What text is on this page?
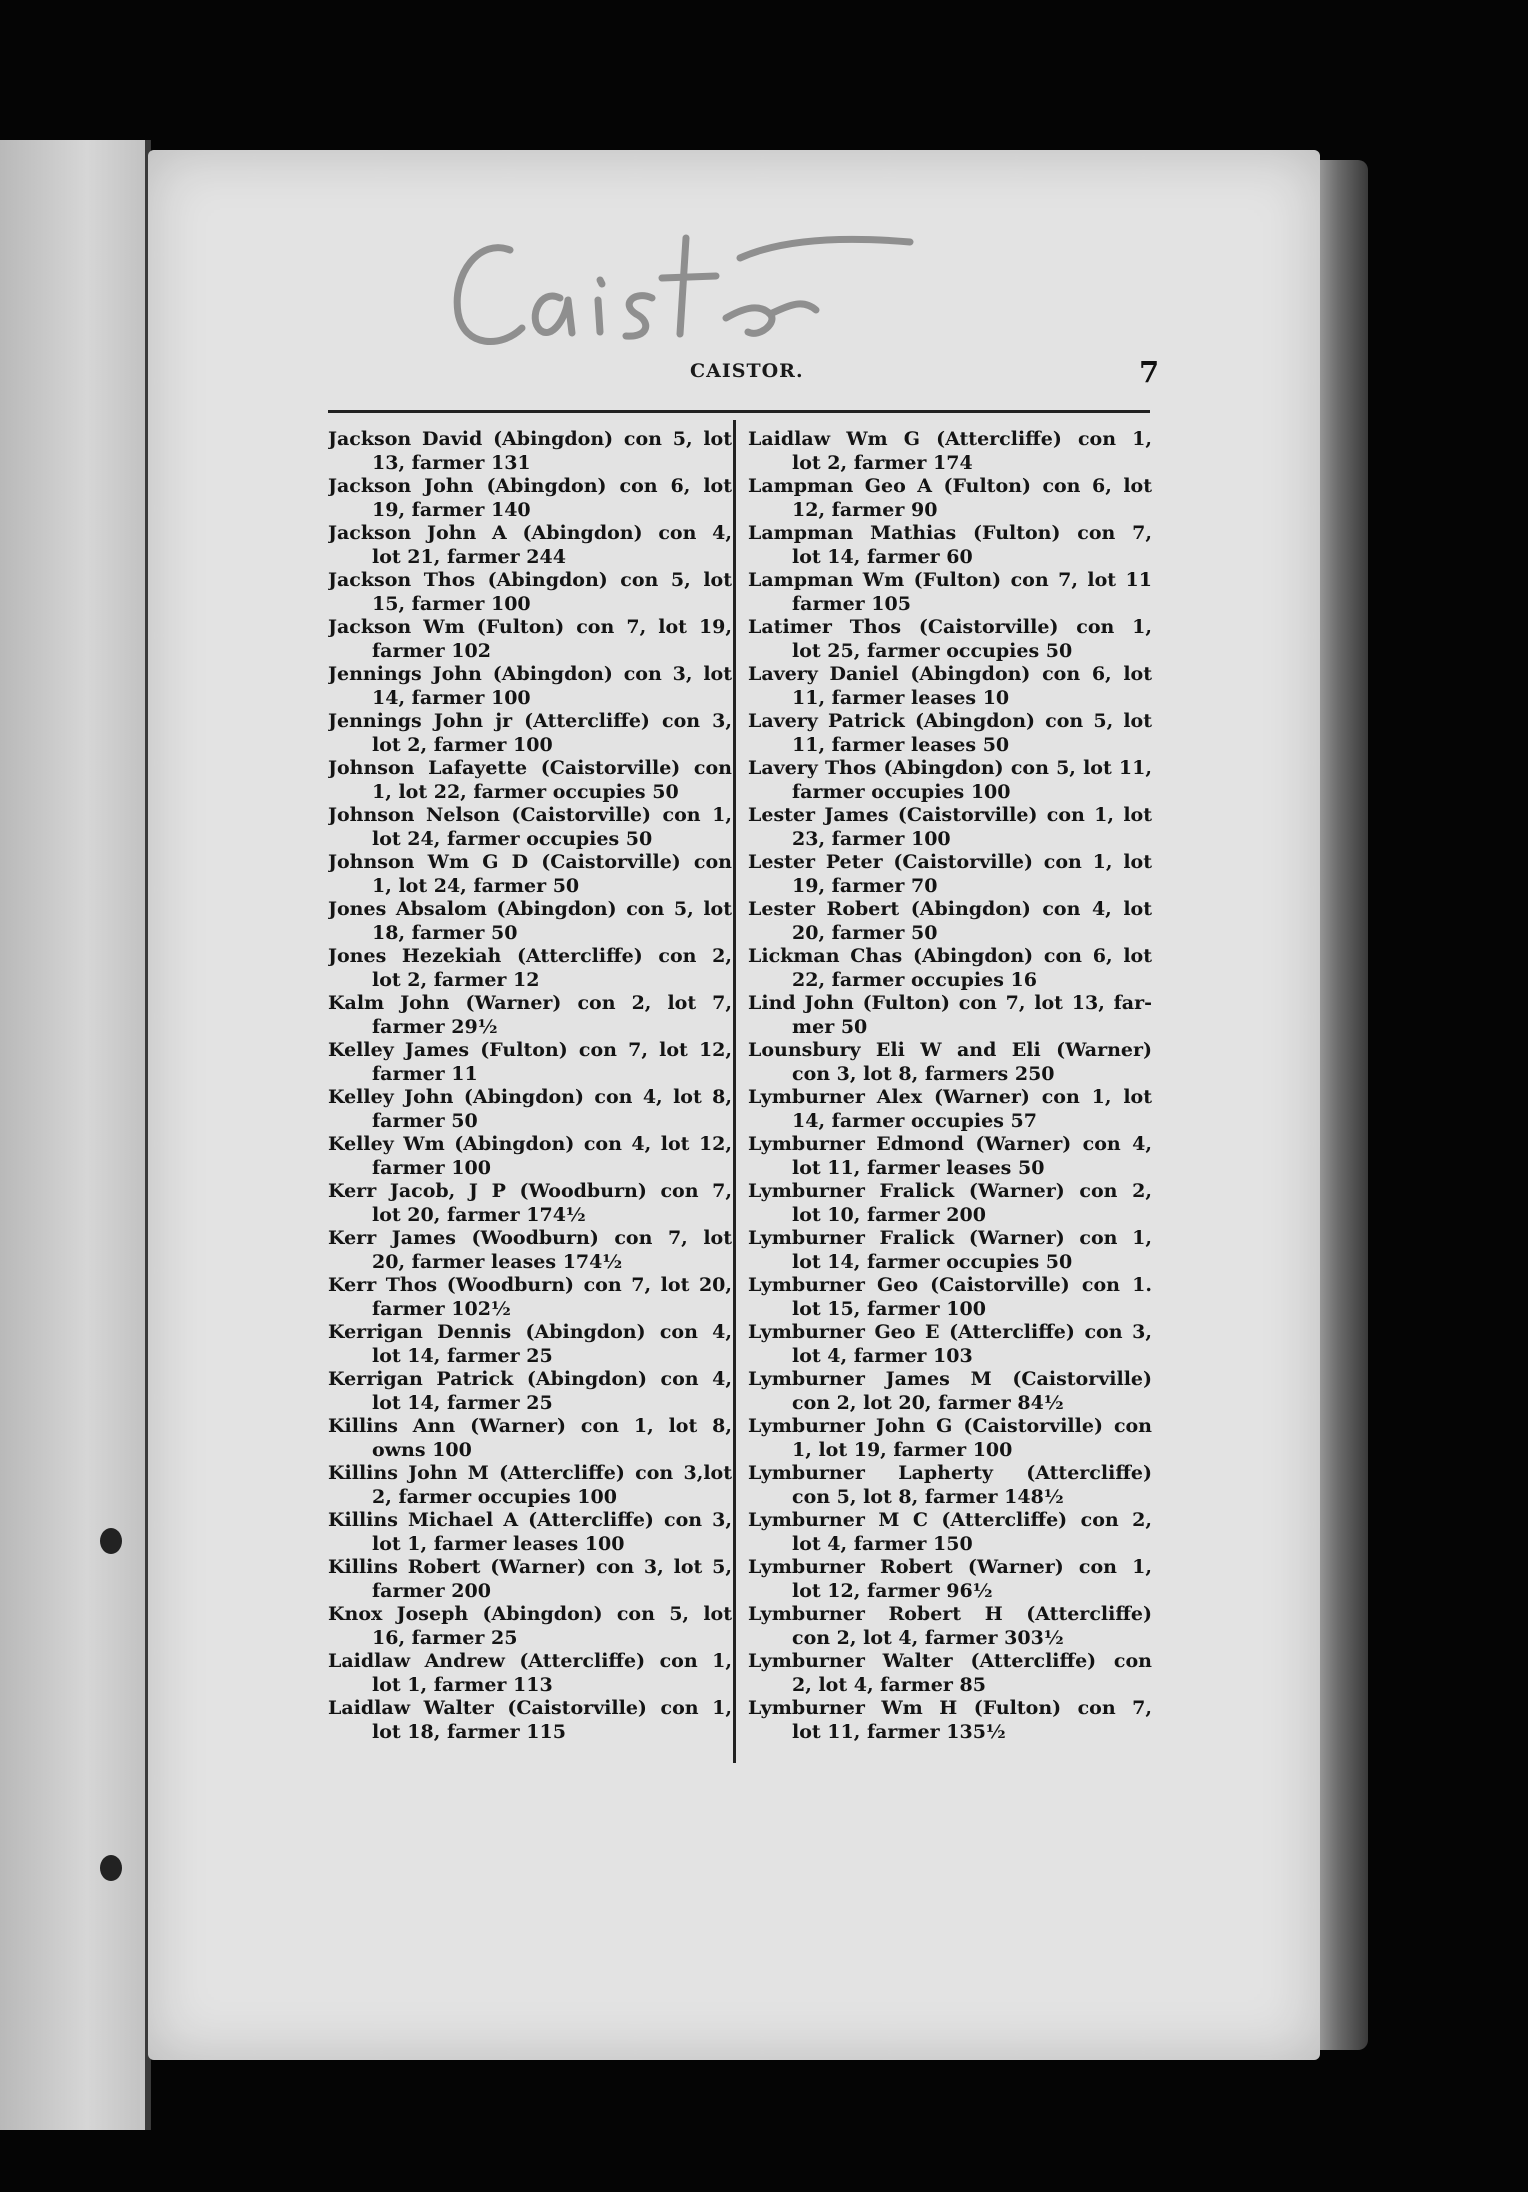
CAISTOR.	7
Jackson David (Abingdon) con 5, lot
13, farmer 131
Jackson John (Abingdon) con 6, lot
19, farmer 140
Jackson John A (Abingdon) con 4,
lot 21, farmer 244
Jackson Thos (Abingdon) con 5, lot
15, farmer 100
Jackson Wm (Fulton) con 7, lot 19,
farmer 102
Jennings John (Abingdon) con 3, lot
14, farmer 100
Jennings John jr (Attercliffe) con 3,
lot 2, farmer 100
Johnson Lafayette (Caistorville) con
1, lot 22, farmer occupies 50
Johnson Nelson (Caistorville) con 1,
lot 24, farmer occupies 50
Johnson Wm G D (Caistorville) con
1, lot 24, farmer 50
Jones Absalom (Abingdon) con 5, lot
18, farmer 50
Jones Hezekiah (Attercliffe) con 2,
lot 2, farmer 12
Kalm John (Warner) con 2, lot 7,
farmer 29½
Kelley James (Fulton) con 7, lot 12,
farmer 11
Kelley John (Abingdon) con 4, lot 8,
farmer 50
Kelley Wm (Abingdon) con 4, lot 12,
farmer 100
Kerr Jacob, J P (Woodburn) con 7,
lot 20, farmer 174½
Kerr James (Woodburn) con 7, lot
20, farmer leases 174½
Kerr Thos (Woodburn) con 7, lot 20,
farmer 102½
Kerrigan Dennis (Abingdon) con 4,
lot 14, farmer 25
Kerrigan Patrick (Abingdon) con 4,
lot 14, farmer 25
Killins Ann (Warner) con 1, lot 8,
owns 100
Killins John M (Attercliffe) con 3,lot
2, farmer occupies 100
Killins Michael A (Attercliffe) con 3,
lot 1, farmer leases 100
Killins Robert (Warner) con 3, lot 5,
farmer 200
Knox Joseph (Abingdon) con 5, lot
16, farmer 25
Laidlaw Andrew (Attercliffe) con 1,
lot 1, farmer 113
Laidlaw Walter (Caistorville) con 1,
lot 18, farmer 115
Laidlaw Wm G (Attercliffe) con 1,
lot 2, farmer 174
Lampman Geo A (Fulton) con 6, lot
12, farmer 90
Lampman Mathias (Fulton) con 7,
lot 14, farmer 60
Lampman Wm (Fulton) con 7, lot 11
farmer 105
Latimer Thos (Caistorville) con 1,
lot 25, farmer occupies 50
Lavery Daniel (Abingdon) con 6, lot
11, farmer leases 10
Lavery Patrick (Abingdon) con 5, lot
11, farmer leases 50
Lavery Thos (Abingdon) con 5, lot 11,
farmer occupies 100
Lester James (Caistorville) con 1, lot
23, farmer 100
Lester Peter (Caistorville) con 1, lot
19, farmer 70
Lester Robert (Abingdon) con 4, lot
20, farmer 50
Lickman Chas (Abingdon) con 6, lot
22, farmer occupies 16
Lind John (Fulton) con 7, lot 13, far-
mer 50
Lounsbury Eli W and Eli (Warner)
con 3, lot 8, farmers 250
Lymburner Alex (Warner) con 1, lot
14, farmer occupies 57
Lymburner Edmond (Warner) con 4,
lot 11, farmer leases 50
Lymburner Fralick (Warner) con 2,
lot 10, farmer 200
Lymburner Fralick (Warner) con 1,
lot 14, farmer occupies 50
Lymburner Geo (Caistorville) con 1.
lot 15, farmer 100
Lymburner Geo E (Attercliffe) con 3,
lot 4, farmer 103
Lymburner James M (Caistorville)
con 2, lot 20, farmer 84½
Lymburner John G (Caistorville) con
1, lot 19, farmer 100
Lymburner Lapherty (Attercliffe)
con 5, lot 8, farmer 148½
Lymburner M C (Attercliffe) con 2,
lot 4, farmer 150
Lymburner Robert (Warner) con 1,
lot 12, farmer 96½
Lymburner Robert H (Attercliffe)
con 2, lot 4, farmer 303½
Lymburner Walter (Attercliffe) con
2, lot 4, farmer 85
Lymburner Wm H (Fulton) con 7,
lot 11, farmer 135½
